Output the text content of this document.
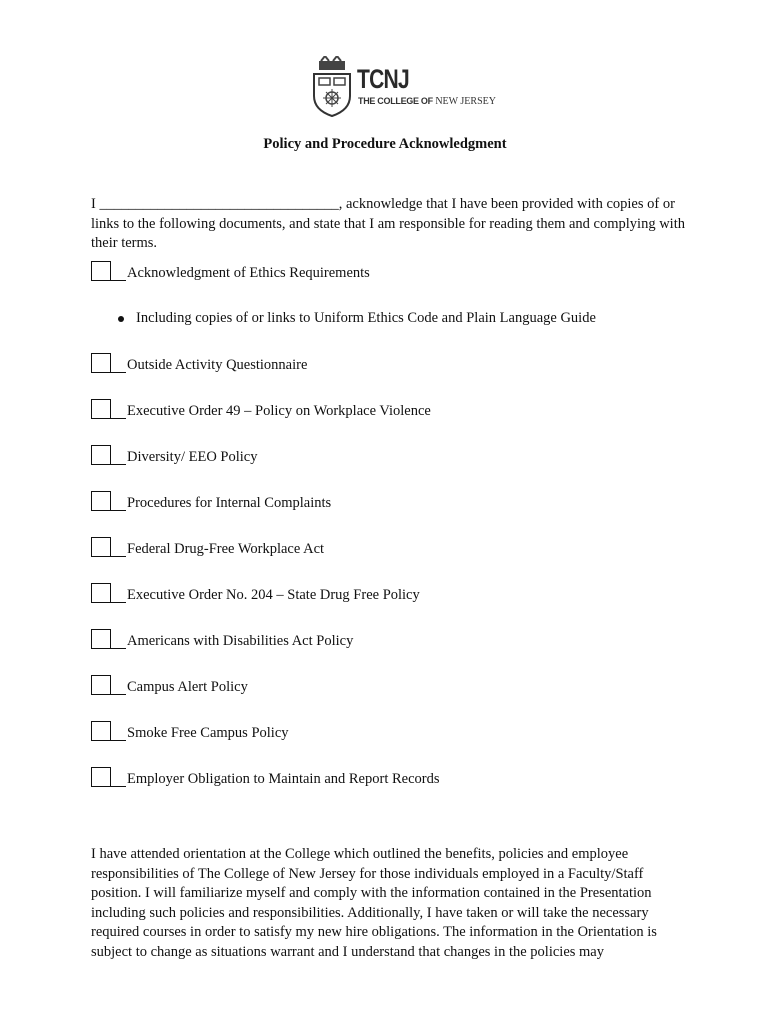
TCNJ
THE COLLEGE OF NEW JERSEY
Policy and Procedure Acknowledgment
I _________________________________, acknowledge that I have been provided with copies of or links to the following documents, and state that I am responsible for reading them and complying with their terms.
Acknowledgment of Ethics Requirements
Including copies of or links to Uniform Ethics Code and Plain Language Guide
Outside Activity Questionnaire
Executive Order 49 – Policy on Workplace Violence
Diversity/ EEO Policy
Procedures for Internal Complaints
Federal Drug-Free Workplace Act
Executive Order No. 204 – State Drug Free Policy
Americans with Disabilities Act Policy
Campus Alert Policy
Smoke Free Campus Policy
Employer Obligation to Maintain and Report Records
I have attended orientation at the College which outlined the benefits, policies and employee responsibilities of The College of New Jersey for those individuals employed in a Faculty/Staff position. I will familiarize myself and comply with the information contained in the Presentation including such policies and responsibilities. Additionally, I have taken or will take the necessary required courses in order to satisfy my new hire obligations. The information in the Orientation is subject to change as situations warrant and I understand that changes in the policies may
